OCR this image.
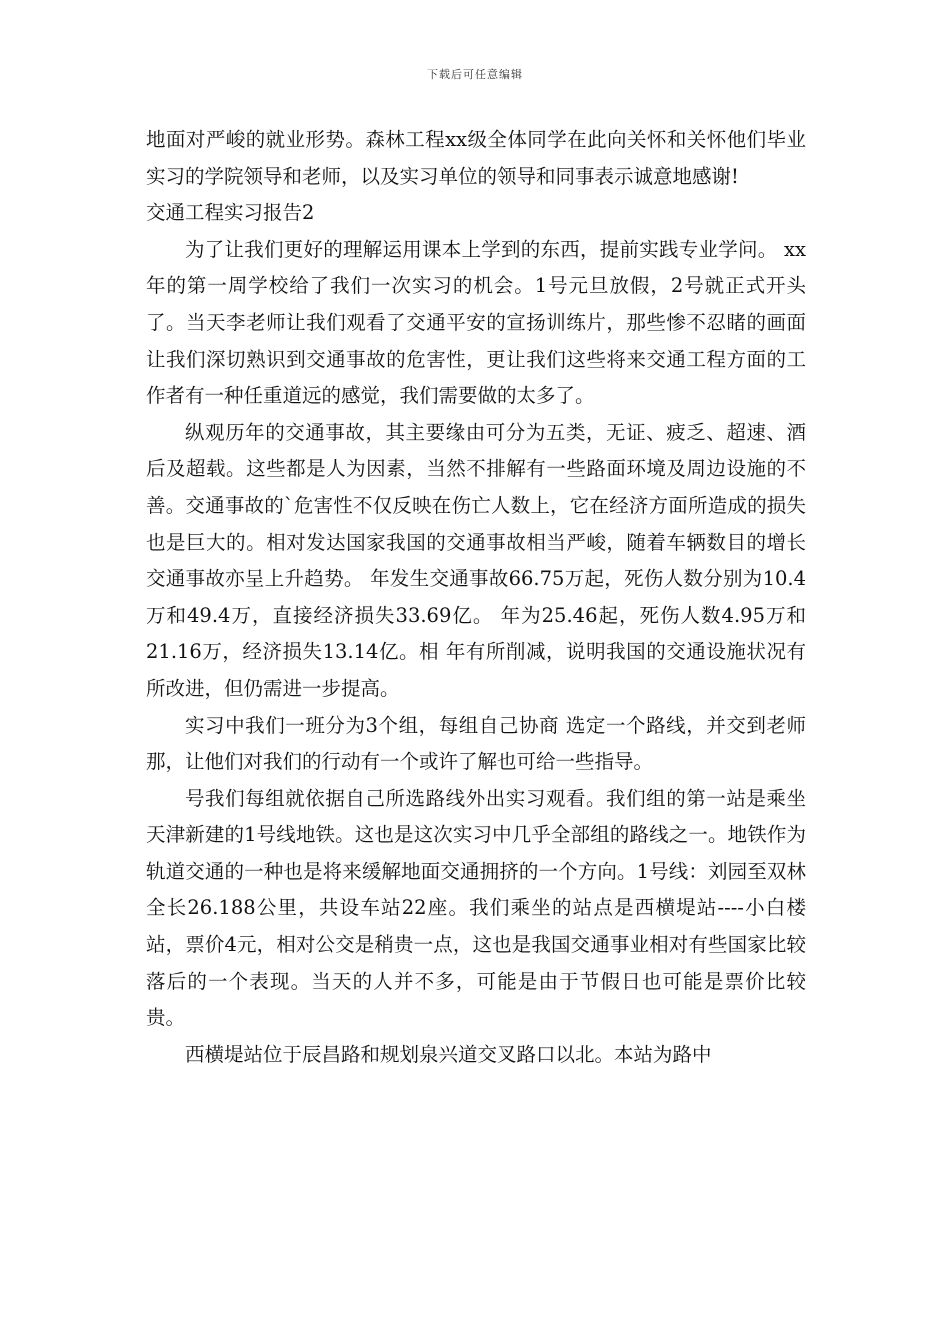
下载后可任意编辑

地面对严峻的就业形势。森林工程xx级全体同学在此向关怀和关怀他们毕业实习的学院领导和老师，以及实习单位的领导和同事表示诚意地感谢!

交通工程实习报告2

为了让我们更好的理解运用课本上学到的东西，提前实践专业学问。 xx年的第一周学校给了我们一次实习的机会。1号元旦放假，2号就正式开头了。当天李老师让我们观看了交通平安的宣扬训练片，那些惨不忍睹的画面让我们深切熟识到交通事故的危害性，更让我们这些将来交通工程方面的工作者有一种任重道远的感觉，我们需要做的太多了。

纵观历年的交通事故，其主要缘由可分为五类，无证、疲乏、超速、酒后及超载。这些都是人为因素，当然不排解有一些路面环境及周边设施的不善。交通事故的`危害性不仅反映在伤亡人数上，它在经济方面所造成的损失也是巨大的。相对发达国家我国的交通事故相当严峻，随着车辆数目的增长交通事故亦呈上升趋势。 年发生交通事故66.75万起，死伤人数分别为10.4万和49.4万，直接经济损失33.69亿。 年为25.46起，死伤人数4.95万和21.16万，经济损失13.14亿。相 年有所削减，说明我国的交通设施状况有所改进，但仍需进一步提高。

实习中我们一班分为3个组，每组自己协商 选定一个路线，并交到老师那，让他们对我们的行动有一个或许了解也可给一些指导。

号我们每组就依据自己所选路线外出实习观看。我们组的第一站是乘坐天津新建的1号线地铁。这也是这次实习中几乎全部组的路线之一。地铁作为轨道交通的一种也是将来缓解地面交通拥挤的一个方向。1号线：刘园至双林全长26.188公里，共设车站22座。我们乘坐的站点是西横堤站----小白楼站，票价4元，相对公交是稍贵一点，这也是我国交通事业相对有些国家比较落后的一个表现。当天的人并不多，可能是由于节假日也可能是票价比较贵。

西横堤站位于辰昌路和规划泉兴道交叉路口以北。本站为路中
